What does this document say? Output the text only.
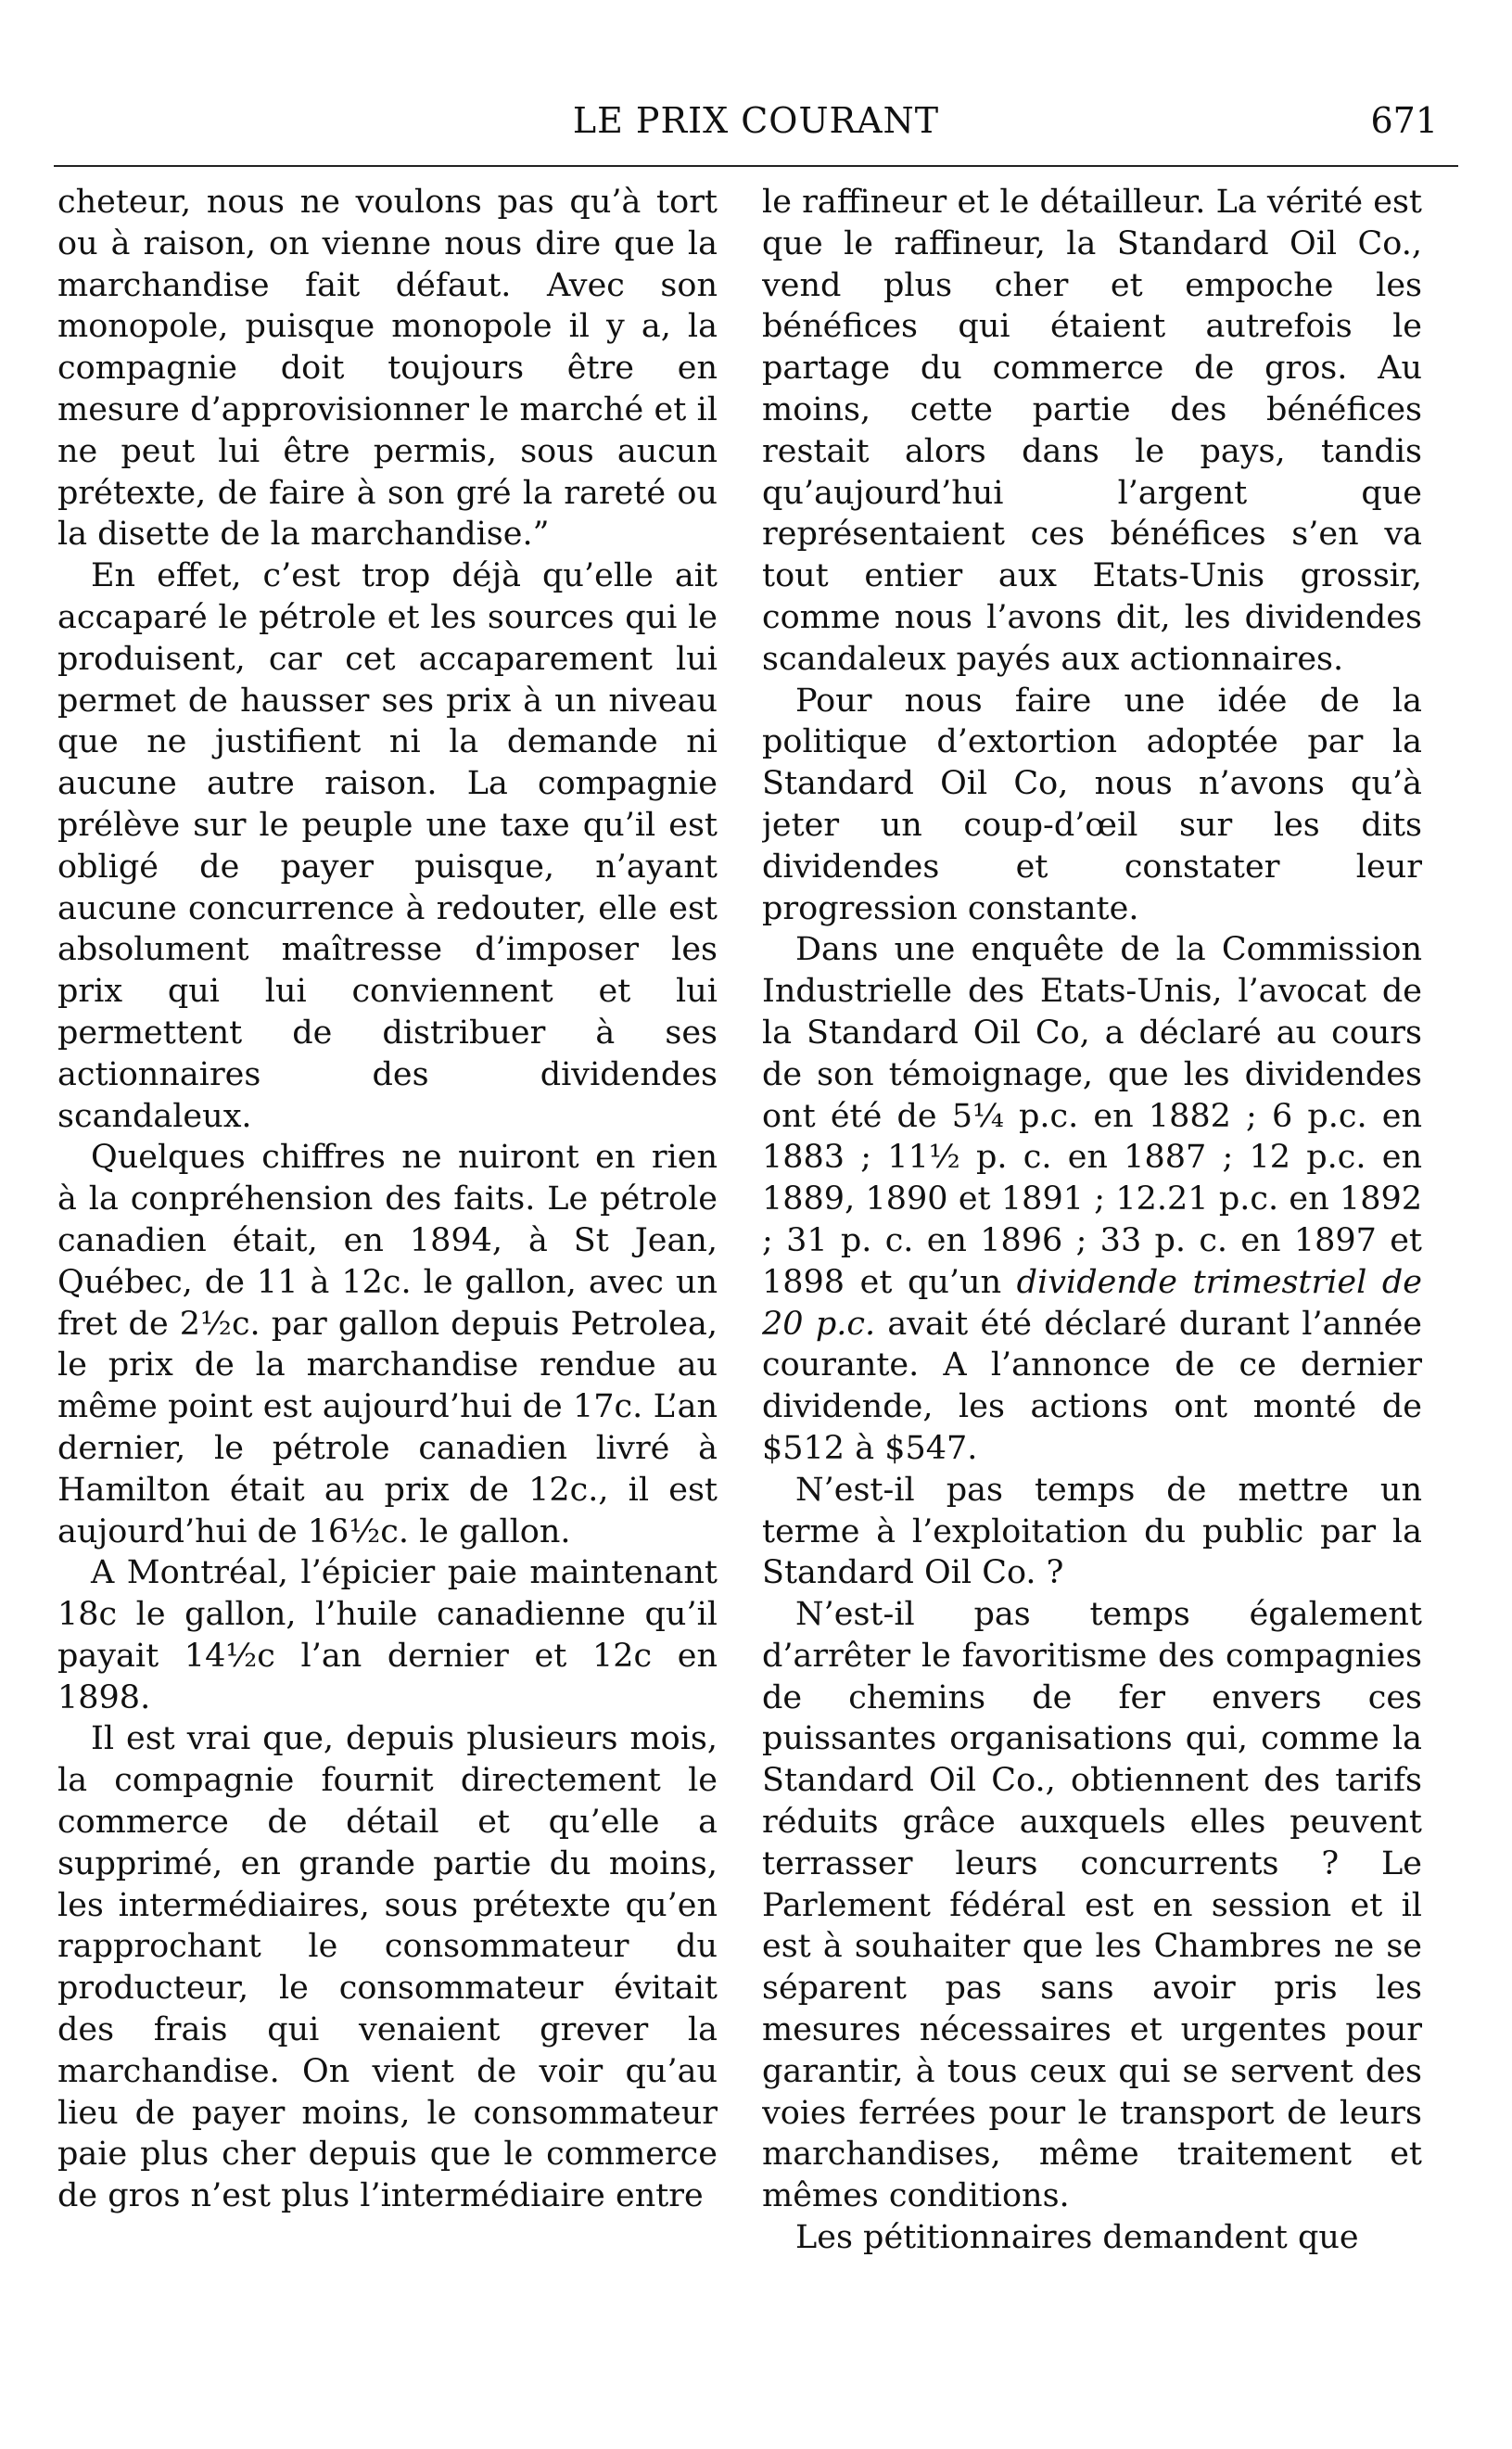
LE PRIX COURANT	671

cheteur, nous ne voulons pas qu’à tort ou à raison, on vienne nous dire que la marchandise fait défaut. Avec son monopole, puisque monopole il y a, la compagnie doit toujours être en mesure d’approvisionner le marché et il ne peut lui être permis, sous aucun prétexte, de faire à son gré la rareté ou la disette de la marchandise.”

En effet, c’est trop déjà qu’elle ait accaparé le pétrole et les sources qui le produisent, car cet accaparement lui permet de hausser ses prix à un niveau que ne justifient ni la demande ni aucune autre raison. La compagnie prélève sur le peuple une taxe qu’il est obligé de payer puisque, n’ayant aucune concurrence à redouter, elle est absolument maîtresse d’imposer les prix qui lui conviennent et lui permettent de distribuer à ses actionnaires des dividendes scandaleux.

Quelques chiffres ne nuiront en rien à la conpréhension des faits. Le pétrole canadien était, en 1894, à St Jean, Québec, de 11 à 12c. le gallon, avec un fret de 2½c. par gallon depuis Petrolea, le prix de la marchandise rendue au même point est aujourd’hui de 17c. L’an dernier, le pétrole canadien livré à Hamilton était au prix de 12c., il est aujourd’hui de 16½c. le gallon.

A Montréal, l’épicier paie maintenant 18c le gallon, l’huile canadienne qu’il payait 14½c l’an dernier et 12c en 1898.

Il est vrai que, depuis plusieurs mois, la compagnie fournit directement le commerce de détail et qu’elle a supprimé, en grande partie du moins, les intermédiaires, sous prétexte qu’en rapprochant le consommateur du producteur, le consommateur évitait des frais qui venaient grever la marchandise. On vient de voir qu’au lieu de payer moins, le consommateur paie plus cher depuis que le commerce de gros n’est plus l’intermédiaire entre

le raffineur et le détailleur. La vérité est que le raffineur, la Standard Oil Co., vend plus cher et empoche les bénéfices qui étaient autrefois le partage du commerce de gros. Au moins, cette partie des bénéfices restait alors dans le pays, tandis qu’aujourd’hui l’argent que représentaient ces bénéfices s’en va tout entier aux Etats-Unis grossir, comme nous l’avons dit, les dividendes scandaleux payés aux actionnaires.

Pour nous faire une idée de la politique d’extortion adoptée par la Standard Oil Co, nous n’avons qu’à jeter un coup-d’œil sur les dits dividendes et constater leur progression constante.

Dans une enquête de la Commission Industrielle des Etats-Unis, l’avocat de la Standard Oil Co, a déclaré au cours de son témoignage, que les dividendes ont été de 5¼ p.c. en 1882 ; 6 p.c. en 1883 ; 11½ p. c. en 1887 ; 12 p.c. en 1889, 1890 et 1891 ; 12.21 p.c. en 1892 ; 31 p. c. en 1896 ; 33 p. c. en 1897 et 1898 et qu’un dividende trimestriel de 20 p.c. avait été déclaré durant l’année courante. A l’annonce de ce dernier dividende, les actions ont monté de $512 à $547.

N’est-il pas temps de mettre un terme à l’exploitation du public par la Standard Oil Co. ?

N’est-il pas temps également d’arrêter le favoritisme des compagnies de chemins de fer envers ces puissantes organisations qui, comme la Standard Oil Co., obtiennent des tarifs réduits grâce auxquels elles peuvent terrasser leurs concurrents ? Le Parlement fédéral est en session et il est à souhaiter que les Chambres ne se séparent pas sans avoir pris les mesures nécessaires et urgentes pour garantir, à tous ceux qui se servent des voies ferrées pour le transport de leurs marchandises, même traitement et mêmes conditions.

Les pétitionnaires demandent que
